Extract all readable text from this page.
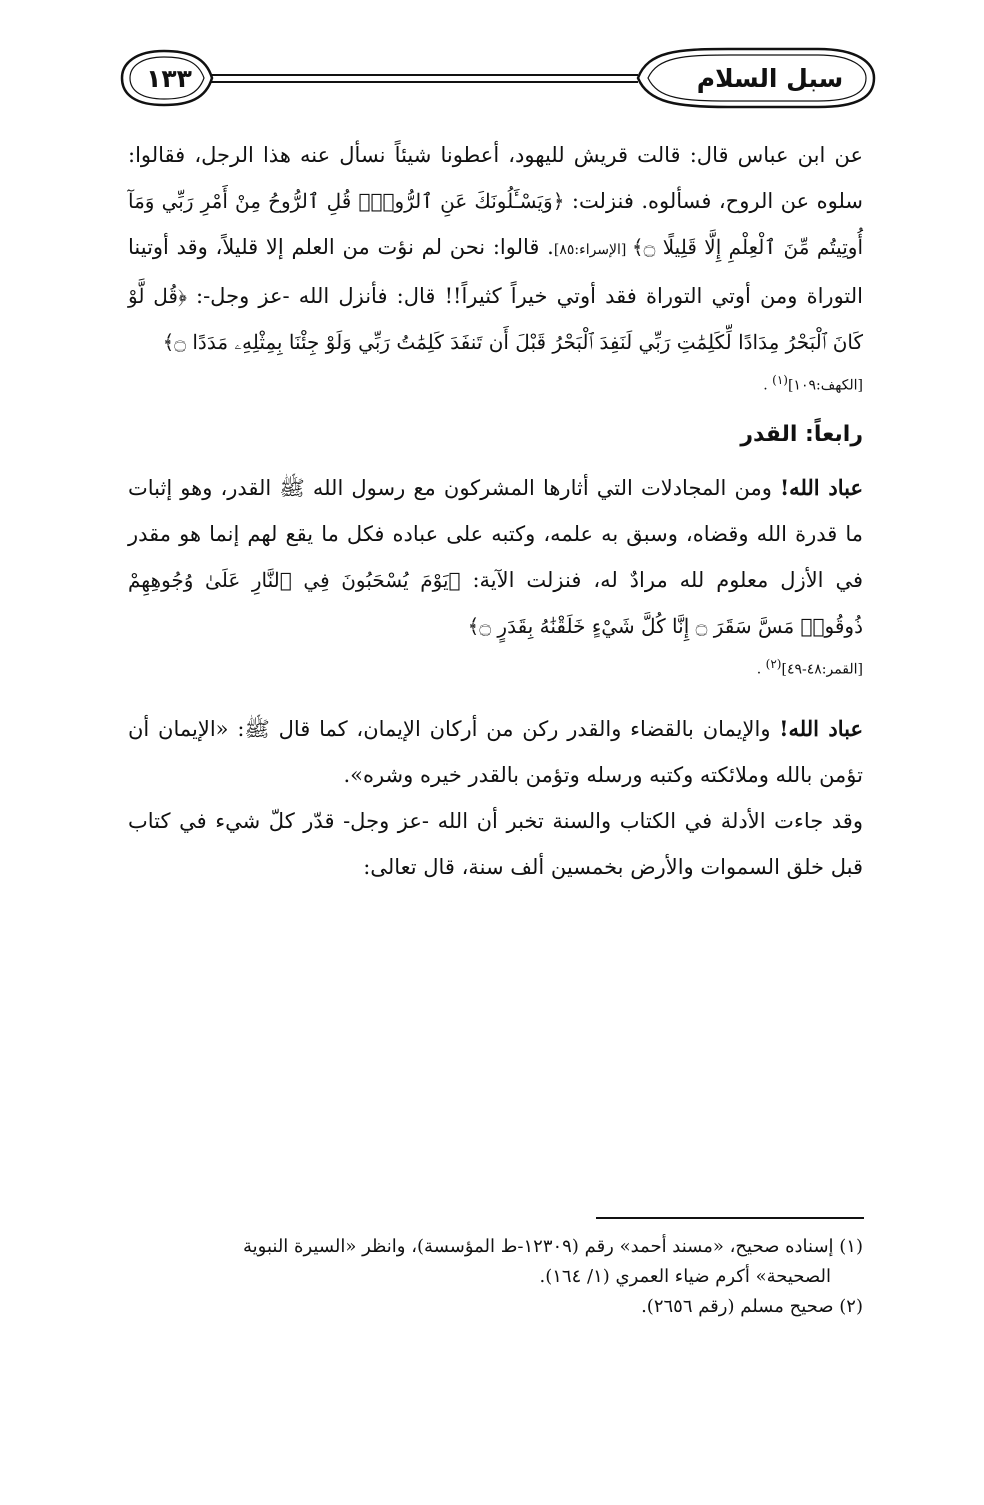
سبل السلام
١٣٣

عن ابن عباس قال: قالت قريش لليهود، أعطونا شيئاً نسأل عنه هذا الرجل، فقالوا: سلوه عن الروح، فسألوه. فنزلت: ﴿وَيَسْـَٔلُونَكَ عَنِ ٱلرُّوحِۖ قُلِ ٱلرُّوحُ مِنْ أَمْرِ رَبِّي وَمَآ أُوتِيتُم مِّنَ ٱلْعِلْمِ إِلَّا قَلِيلًا ۝﴾ [الإسراء:٨٥]. قالوا: نحن لم نؤت من العلم إلا قليلاً، وقد أوتينا التوراة ومن أوتي التوراة فقد أوتي خيراً كثيراً!! قال: فأنزل الله -عز وجل-: ﴿قُل لَّوْ كَانَ ٱلْبَحْرُ مِدَادًا لِّكَلِمَٰتِ رَبِّي لَنَفِدَ ٱلْبَحْرُ قَبْلَ أَن تَنفَدَ كَلِمَٰتُ رَبِّي وَلَوْ جِئْنَا بِمِثْلِهِۦ مَدَدًا ۝﴾

[الكهف:١٠٩](١) .

رابعاً: القدر

عباد الله! ومن المجادلات التي أثارها المشركون مع رسول الله ﷺ القدر، وهو إثبات ما قدرة الله وقضاه، وسبق به علمه، وكتبه على عباده فكل ما يقع لهم إنما هو مقدر في الأزل معلوم لله مرادٌ له، فنزلت الآية: ﴿يَوْمَ يُسْحَبُونَ فِي ٱلنَّارِ عَلَىٰ وُجُوهِهِمْ ذُوقُوا۟ مَسَّ سَقَرَ ۝ إِنَّا كُلَّ شَيْءٍ خَلَقْنَٰهُ بِقَدَرٍ ۝﴾

[القمر:٤٨-٤٩](٢) .

عباد الله! والإيمان بالقضاء والقدر ركن من أركان الإيمان، كما قال ﷺ: «الإيمان أن تؤمن بالله وملائكته وكتبه ورسله وتؤمن بالقدر خيره وشره».

وقد جاءت الأدلة في الكتاب والسنة تخبر أن الله -عز وجل- قدّر كلّ شيء في كتاب قبل خلق السموات والأرض بخمسين ألف سنة، قال تعالى:

(١) إسناده صحيح، «مسند أحمد» رقم (١٢٣٠٩-ط المؤسسة)، وانظر «السيرة النبوية

الصحيحة» أكرم ضياء العمري (١/ ١٦٤).

(٢) صحيح مسلم (رقم ٢٦٥٦).
